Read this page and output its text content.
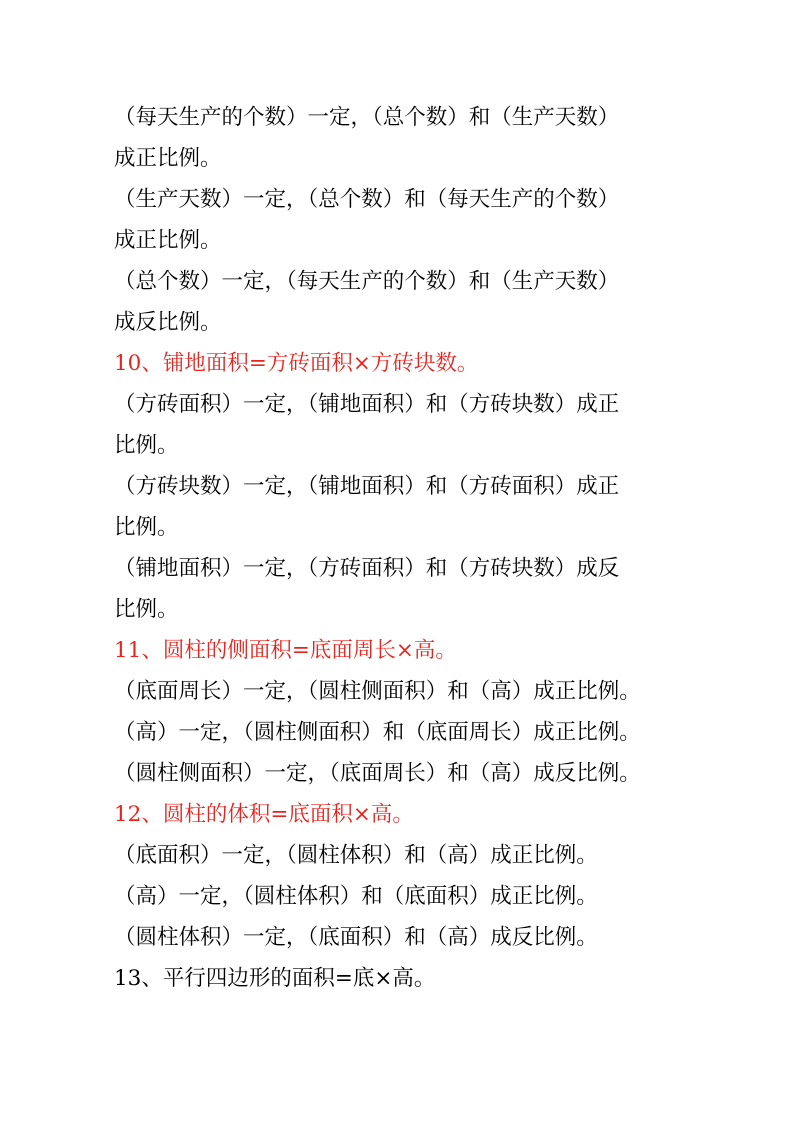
（每天生产的个数）一定，（总个数）和（生产天数）
成正比例。
（生产天数）一定，（总个数）和（每天生产的个数）
成正比例。
（总个数）一定，（每天生产的个数）和（生产天数）
成反比例。
10、铺地面积=方砖面积×方砖块数。
（方砖面积）一定，（铺地面积）和（方砖块数）成正
比例。
（方砖块数）一定，（铺地面积）和（方砖面积）成正
比例。
（铺地面积）一定，（方砖面积）和（方砖块数）成反
比例。
11、圆柱的侧面积=底面周长×高。
（底面周长）一定，（圆柱侧面积）和（高）成正比例。
（高）一定，（圆柱侧面积）和（底面周长）成正比例。
（圆柱侧面积）一定，（底面周长）和（高）成反比例。
12、圆柱的体积=底面积×高。
（底面积）一定，（圆柱体积）和（高）成正比例。
（高）一定，（圆柱体积）和（底面积）成正比例。
（圆柱体积）一定，（底面积）和（高）成反比例。
13、平行四边形的面积=底×高。
